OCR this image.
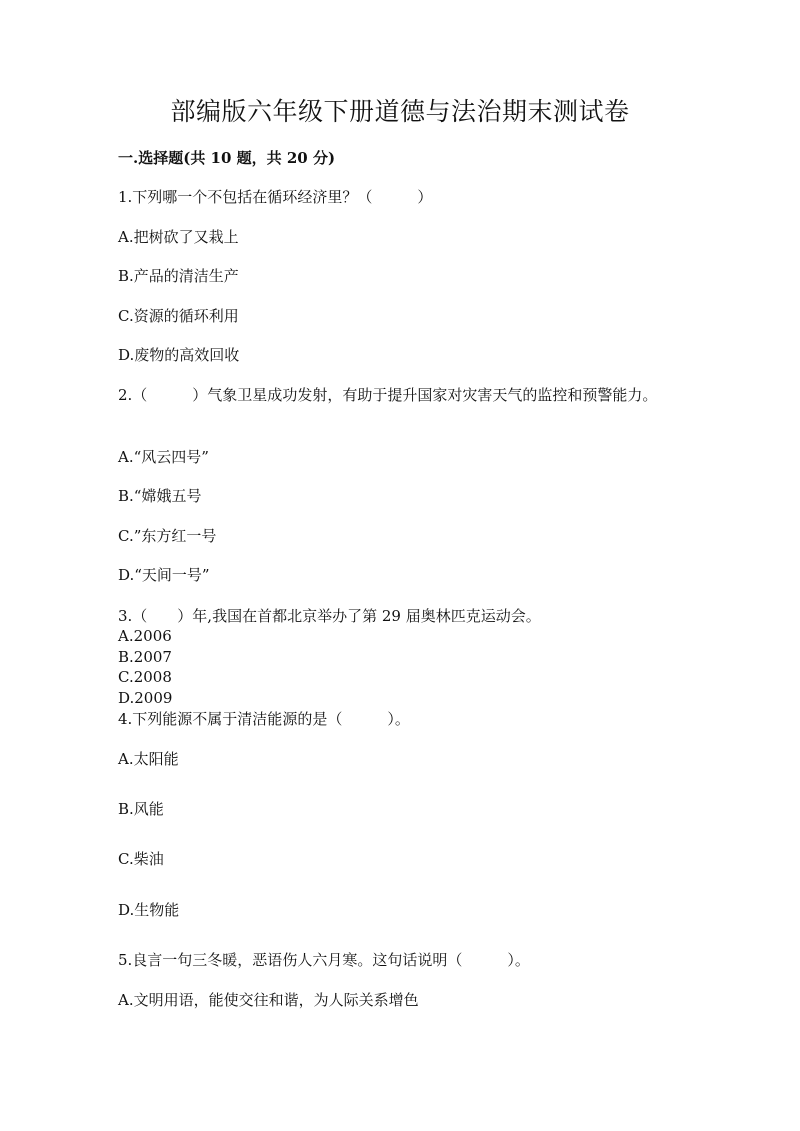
部编版六年级下册道德与法治期末测试卷
一.选择题(共 10 题，共 20 分)
1.下列哪一个不包括在循环经济里？（　　　）
A.把树砍了又栽上
B.产品的清洁生产
C.资源的循环利用
D.废物的高效回收
2.（　　　）气象卫星成功发射，有助于提升国家对灾害天气的监控和预警能力。
A.“风云四号”
B.“嫦娥五号
C.”东方红一号
D.“天间一号”
3.（　　）年,我国在首都北京举办了第 29 届奥林匹克运动会。
A.2006
B.2007
C.2008
D.2009
4.下列能源不属于清洁能源的是（　　　）。
A.太阳能
B.风能
C.柴油
D.生物能
5.良言一句三冬暖，恶语伤人六月寒。这句话说明（　　　）。
A.文明用语，能使交往和谐，为人际关系增色
